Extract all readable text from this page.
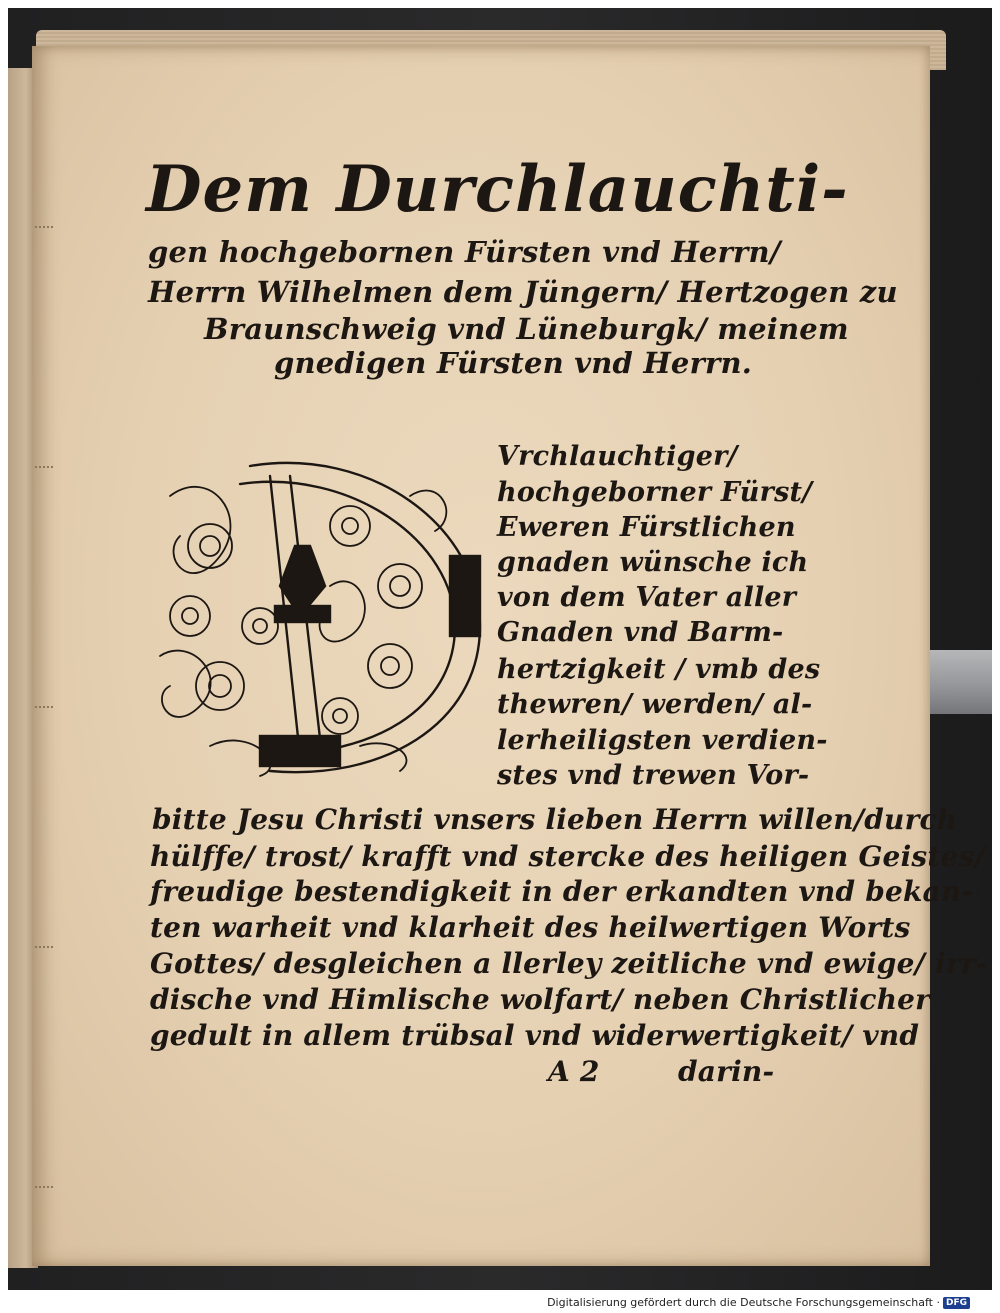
Dem Durchlauchti-
gen hochgebornen Fürsten vnd Herrn/
Herrn Wilhelmen dem Jüngern/ Hertzogen zu
Braunschweig vnd Lüneburgk/ meinem
gnedigen Fürsten vnd Herrn.
Vrchlauchtiger/
hochgeborner Fürst/
Eweren Fürstlichen
gnaden wünsche ich
von dem Vater aller
Gnaden vnd Barm-
hertzigkeit / vmb des
thewren/ werden/ al-
lerheiligsten verdien-
stes vnd trewen Vor-
bitte Jesu Christi vnsers lieben Herrn willen/durch
hülffe/ trost/ krafft vnd stercke des heiligen Geistes/
freudige bestendigkeit in der erkandten vnd bekan-
ten warheit vnd klarheit des heilwertigen Worts
Gottes/ desgleichen a llerley zeitliche vnd ewige/ irr-
dische vnd Himlische wolfart/ neben Christlicher
gedult in allem trübsal vnd widerwertigkeit/ vnd
A 2	darin-
Digitalisierung gefördert durch die Deutsche Forschungsgemeinschaft · DFG
